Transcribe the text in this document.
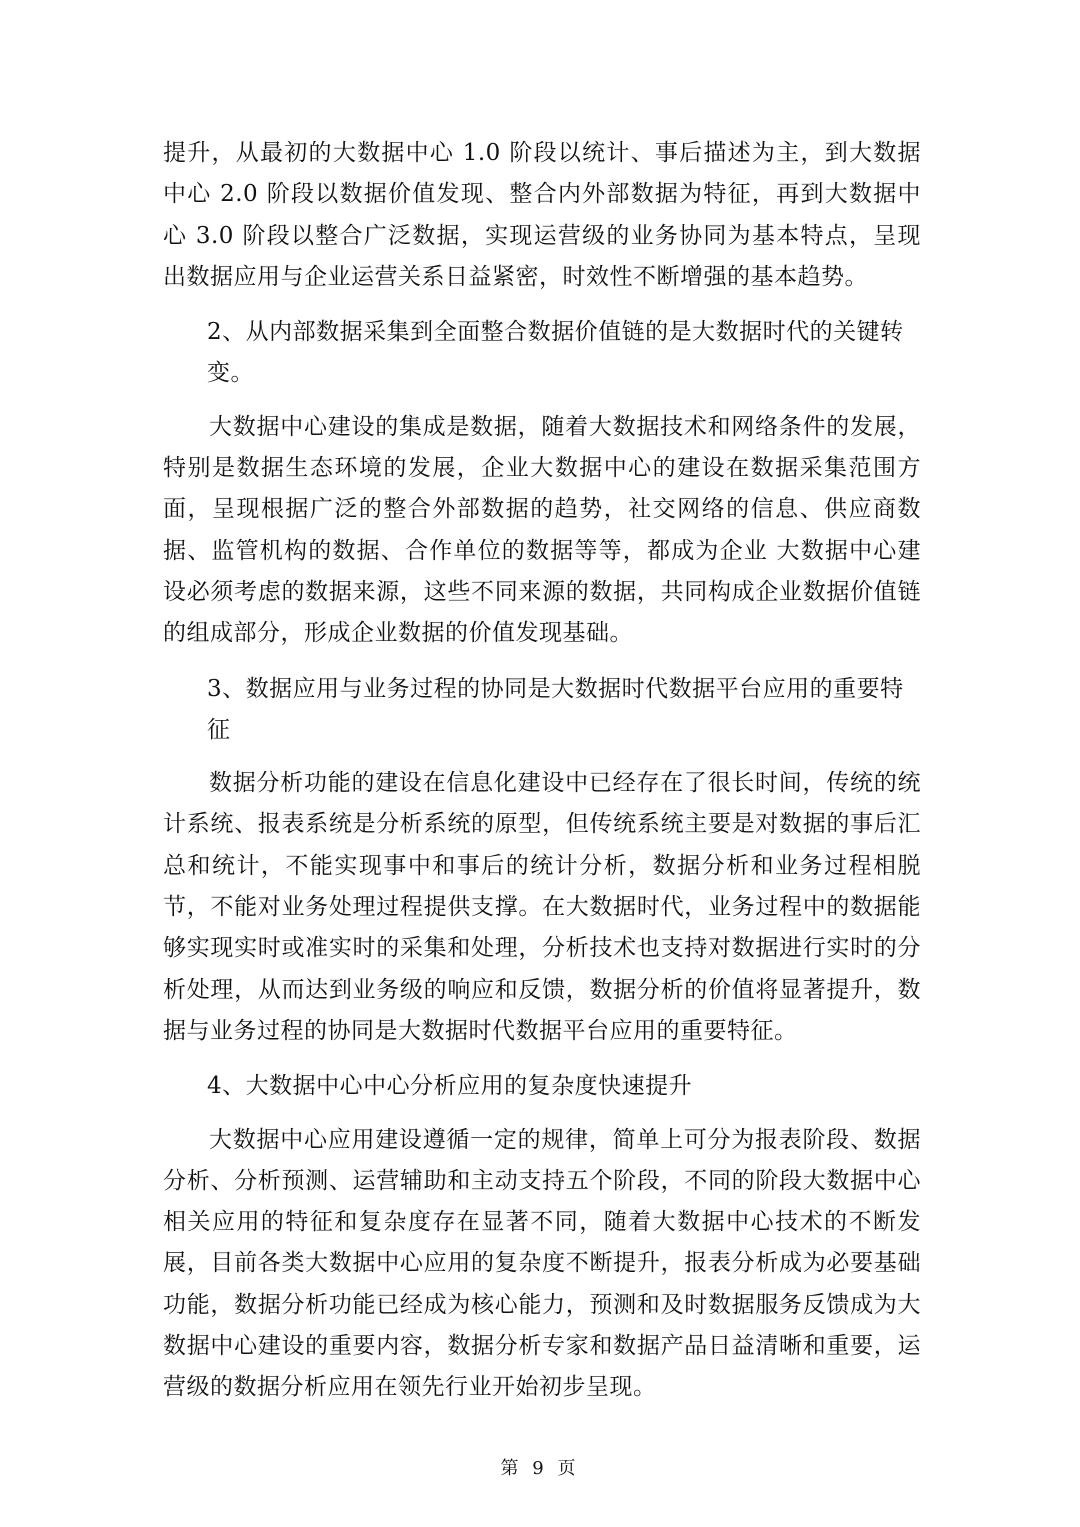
提升，从最初的大数据中心 1.0 阶段以统计、事后描述为主，到大数据中心 2.0 阶段以数据价值发现、整合内外部数据为特征，再到大数据中心 3.0 阶段以整合广泛数据，实现运营级的业务协同为基本特点，呈现出数据应用与企业运营关系日益紧密，时效性不断增强的基本趋势。

2、从内部数据采集到全面整合数据价值链的是大数据时代的关键转变。

大数据中心建设的集成是数据，随着大数据技术和网络条件的发展，特别是数据生态环境的发展，企业大数据中心的建设在数据采集范围方面，呈现根据广泛的整合外部数据的趋势，社交网络的信息、供应商数据、监管机构的数据、合作单位的数据等等，都成为企业 大数据中心建设必须考虑的数据来源，这些不同来源的数据，共同构成企业数据价值链的组成部分，形成企业数据的价值发现基础。

3、数据应用与业务过程的协同是大数据时代数据平台应用的重要特征

数据分析功能的建设在信息化建设中已经存在了很长时间，传统的统计系统、报表系统是分析系统的原型，但传统系统主要是对数据的事后汇总和统计，不能实现事中和事后的统计分析，数据分析和业务过程相脱节，不能对业务处理过程提供支撑。在大数据时代，业务过程中的数据能够实现实时或准实时的采集和处理，分析技术也支持对数据进行实时的分析处理，从而达到业务级的响应和反馈，数据分析的价值将显著提升，数据与业务过程的协同是大数据时代数据平台应用的重要特征。

4、大数据中心中心分析应用的复杂度快速提升

大数据中心应用建设遵循一定的规律，简单上可分为报表阶段、数据分析、分析预测、运营辅助和主动支持五个阶段，不同的阶段大数据中心相关应用的特征和复杂度存在显著不同，随着大数据中心技术的不断发展，目前各类大数据中心应用的复杂度不断提升，报表分析成为必要基础功能，数据分析功能已经成为核心能力，预测和及时数据服务反馈成为大数据中心建设的重要内容，数据分析专家和数据产品日益清晰和重要，运营级的数据分析应用在领先行业开始初步呈现。

第 9 页
